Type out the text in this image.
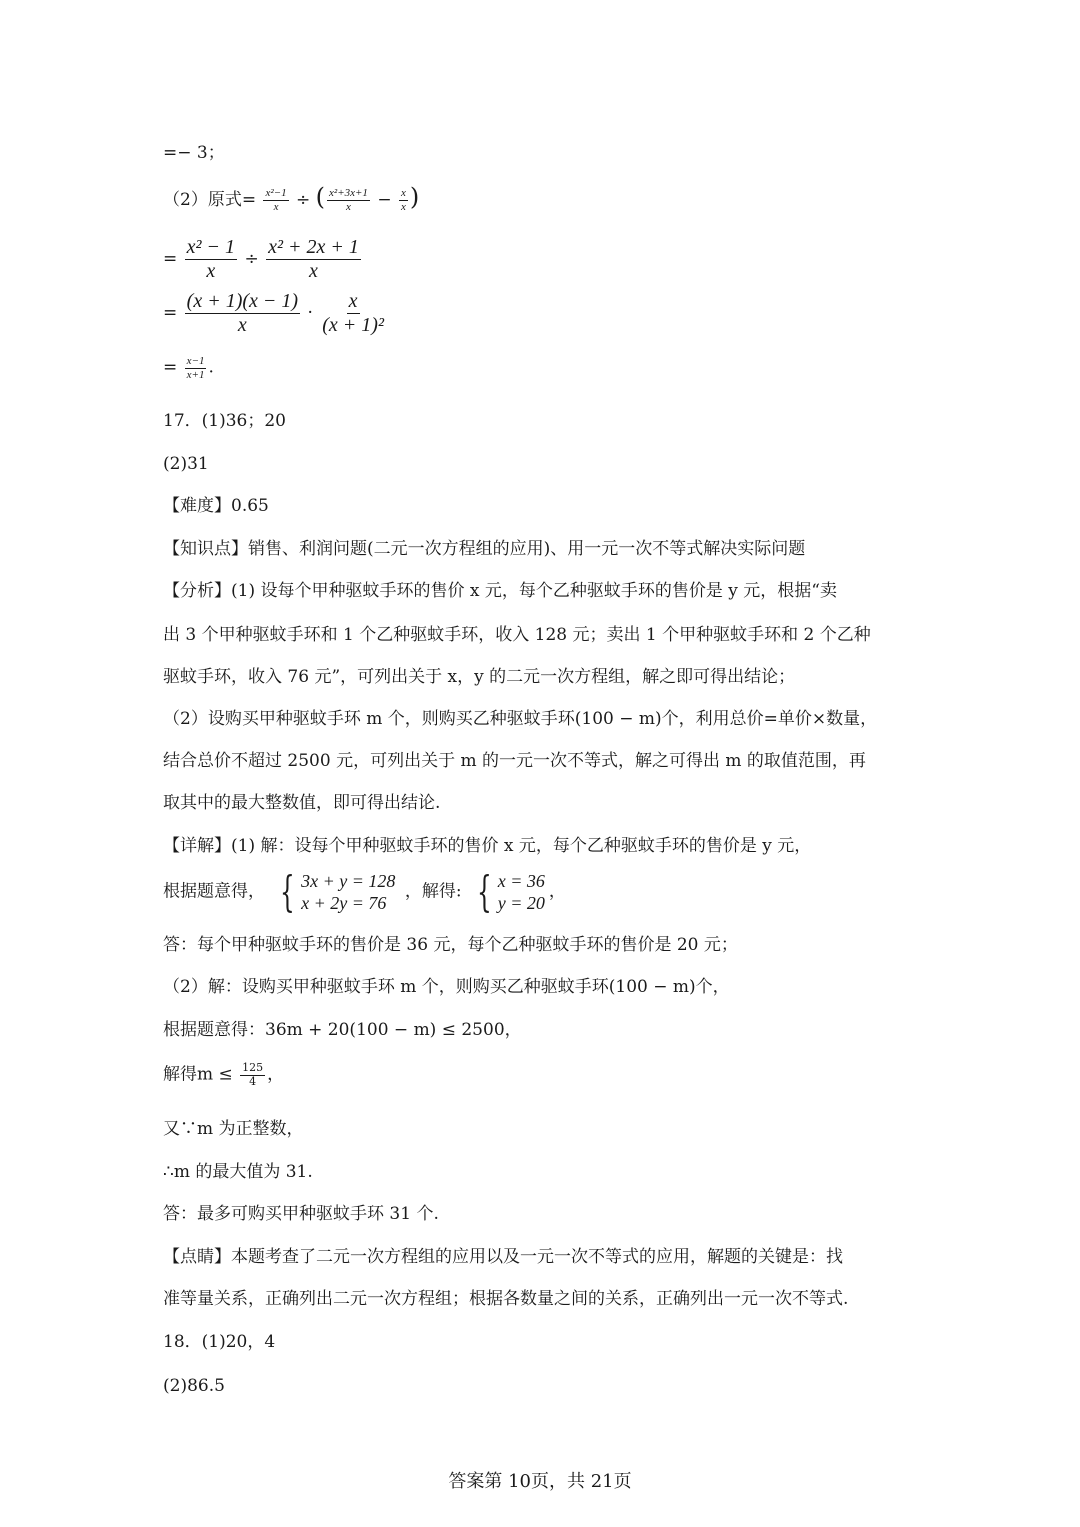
=− 3；
（2）原式= $\frac{\text{x²−1}}{x}$ ÷ ( $\frac{\text{x²+3x+1}}{x} - \frac{x}{x}$ )
= $\frac{\text{x² − 1}}{x} \div \frac{\text{x² + 2x + 1}}{x}$
= $\frac{(x + 1)(x - 1)}{x} \cdot \frac{x}{\text{(x + 1)²}}$
= $\frac{x-1}{x+1}$ .
17．(1)36；20
(2)31
【难度】0.65
【知识点】销售、利润问题(二元一次方程组的应用)、用一元一次不等式解决实际问题
【分析】(1) 设每个甲种驱蚊手环的售价 x 元，每个乙种驱蚊手环的售价是 y 元，根据“卖
出 3 个甲种驱蚊手环和 1 个乙种驱蚊手环，收入 128 元；卖出 1 个甲种驱蚊手环和 2 个乙种
驱蚊手环，收入 76 元”，可列出关于 x，y 的二元一次方程组，解之即可得出结论；
（2）设购买甲种驱蚊手环 m 个，则购买乙种驱蚊手环(100 − m)个，利用总价=单价×数量，
结合总价不超过 2500 元，可列出关于 m 的一元一次不等式，解之可得出 m 的取值范围，再
取其中的最大整数值，即可得出结论.
【详解】(1) 解：设每个甲种驱蚊手环的售价 x 元，每个乙种驱蚊手环的售价是 y 元，
根据题意得， { 3x + y = 128
x + 2y = 76
，解得: { x = 36
y = 20
，
答：每个甲种驱蚊手环的售价是 36 元，每个乙种驱蚊手环的售价是 20 元；
（2）解：设购买甲种驱蚊手环 m 个，则购买乙种驱蚊手环(100 − m)个，
根据题意得：36m + 20(100 − m) ≤ 2500，
解得$m \le \frac{125}{4}$ ，
又∵m 为正整数，
∴m 的最大值为 31.
答：最多可购买甲种驱蚊手环 31 个.
【点睛】本题考查了二元一次方程组的应用以及一元一次不等式的应用，解题的关键是：找
准等量关系，正确列出二元一次方程组；根据各数量之间的关系，正确列出一元一次不等式.
18．(1)20，4
(2)86.5
答案第 10页，共 21页
